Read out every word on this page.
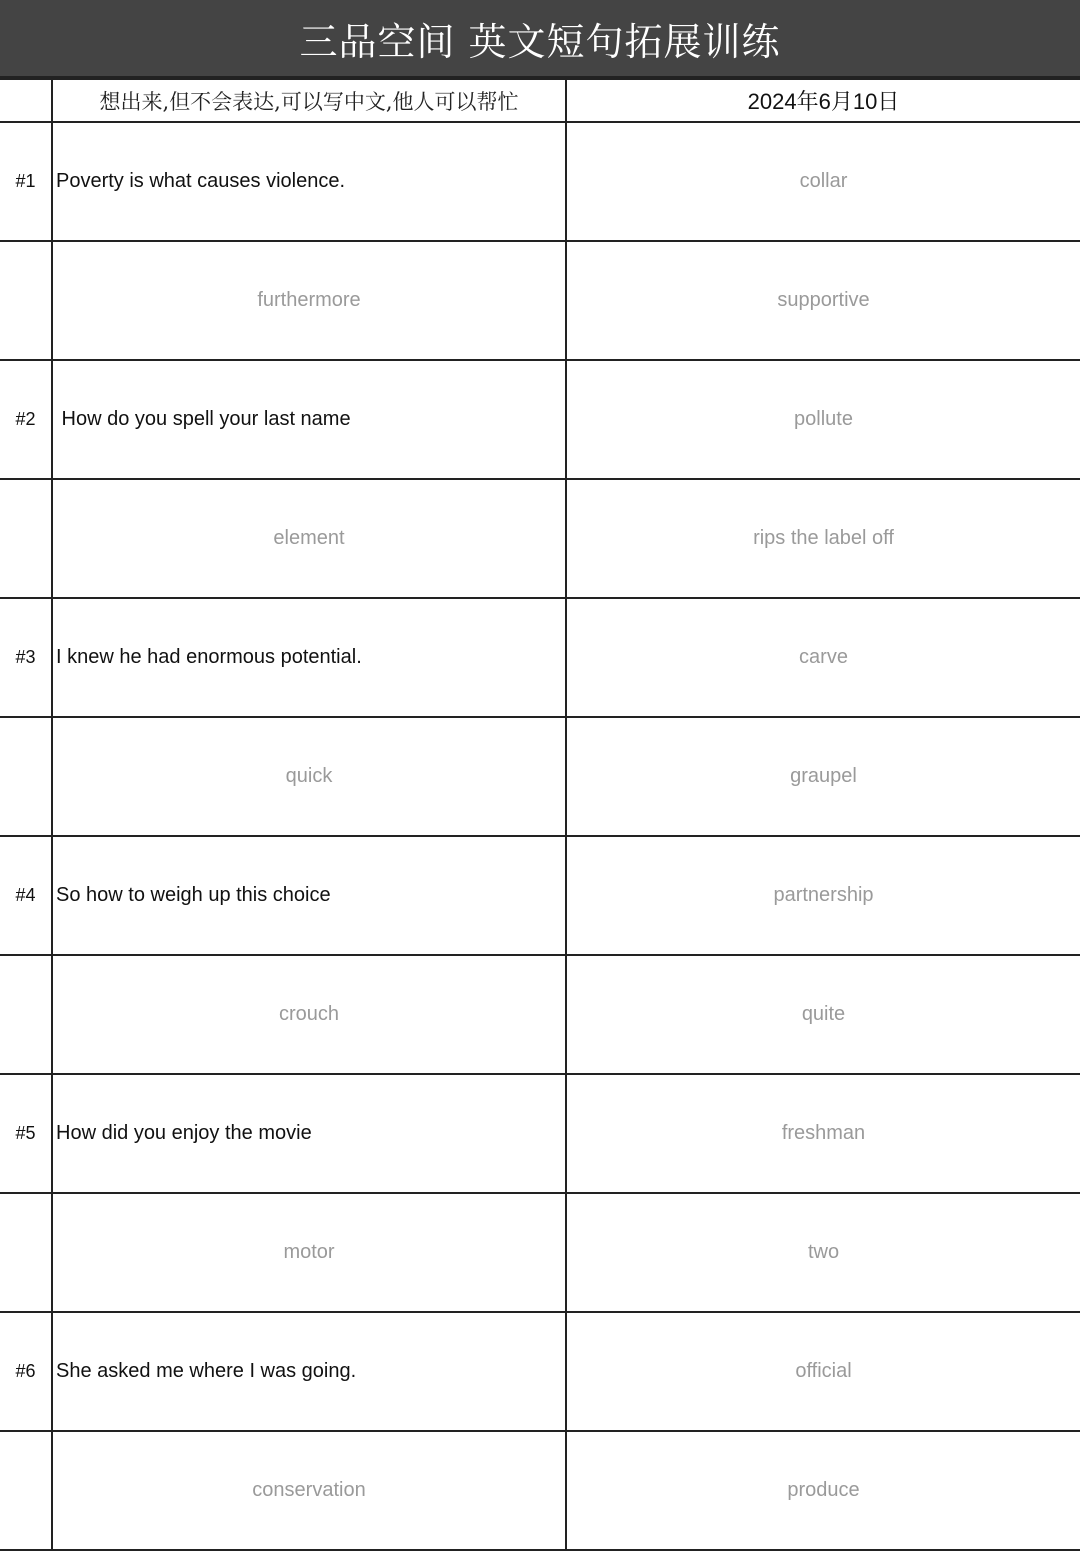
三品空间 英文短句拓展训练
	想出来,但不会表达,可以写中文,他人可以帮忙	2024年6月10日
#1	Poverty is what causes violence.	collar
	furthermore	supportive
#2	How do you spell your last name	pollute
	element	rips the label off
#3	I knew he had enormous potential.	carve
	quick	graupel
#4	So how to weigh up this choice	partnership
	crouch	quite
#5	How did you enjoy the movie	freshman
	motor	two
#6	She asked me where I was going.	official
	conservation	produce
